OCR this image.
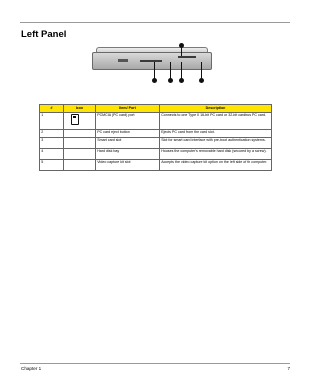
Left Panel
#	Icon	Item/ Port	Description
1		PCMCIA (PC card) port	Connects to one Type II 16-bit PC card or 32-bit cardbus PC card.
2		PC card eject button	Ejects PC card from the card slot.
3		Smart card slot	Slot for smart card interface with pre-boot authentication systems.
4		Hard disk bay	Houses the computer's removable hard disk (secured by a screw).
5		Video capture kit slot	Accepts the video capture kit option on the left side of th computer.
Chapter 1	7
